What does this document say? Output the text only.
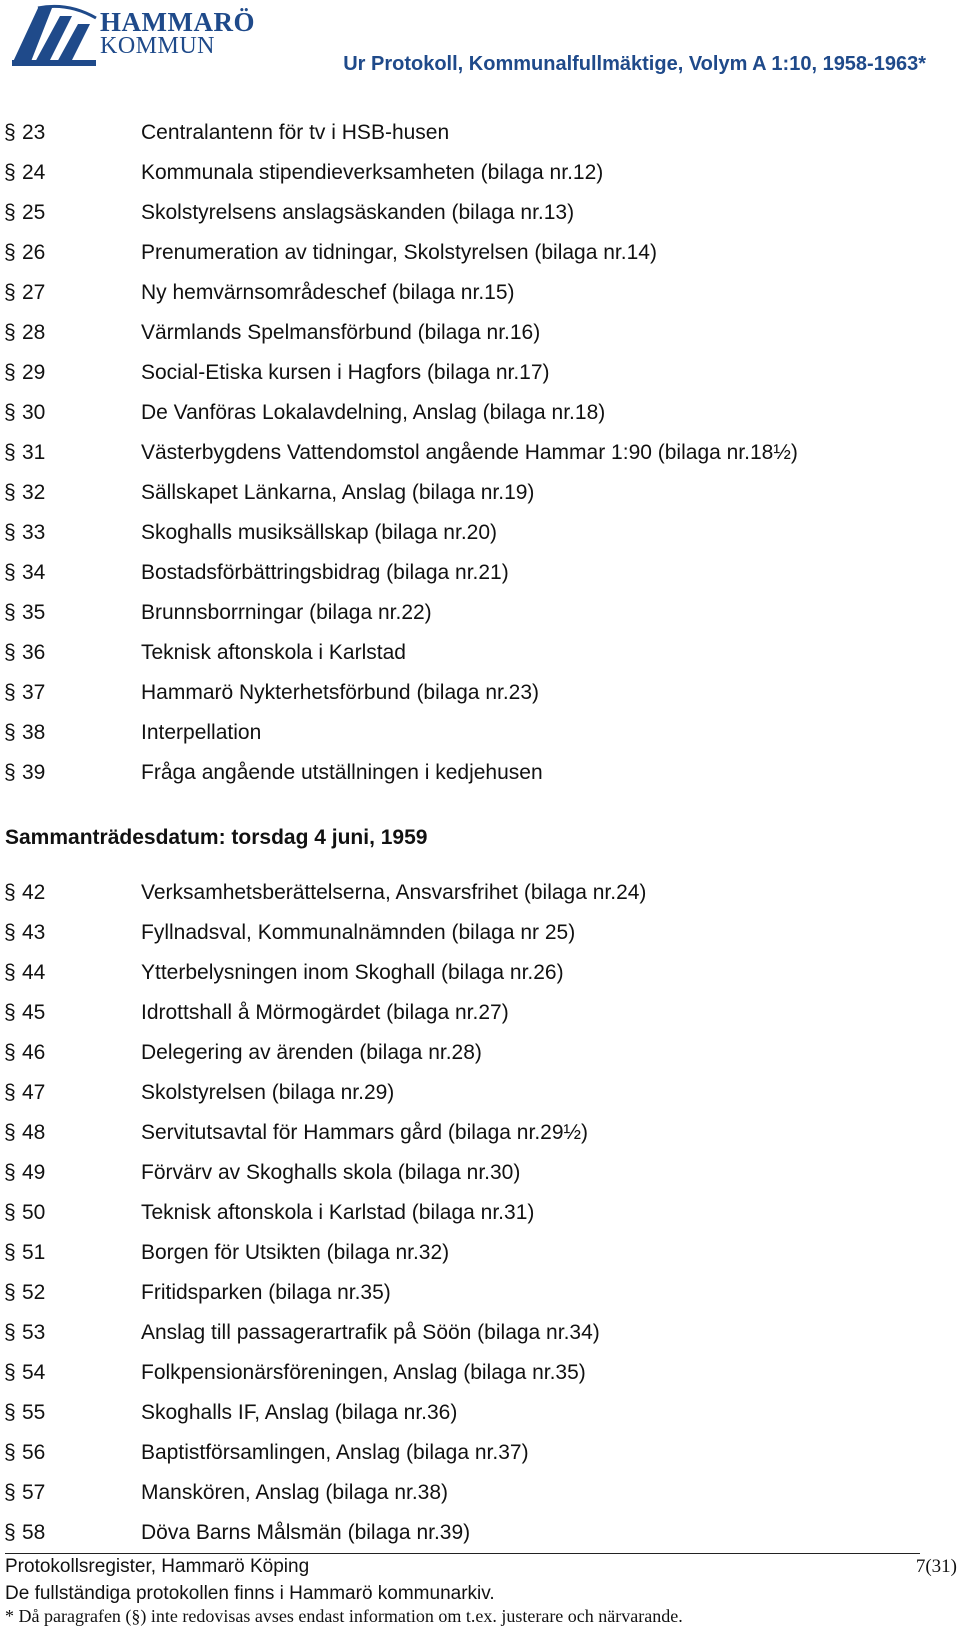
HAMMARÖ
KOMMUN
Ur Protokoll, Kommunalfullmäktige, Volym A 1:10, 1958-1963*
§ 23	Centralantenn för tv i HSB-husen
§ 24	Kommunala stipendieverksamheten (bilaga nr.12)
§ 25	Skolstyrelsens anslagsäskanden (bilaga nr.13)
§ 26	Prenumeration av tidningar, Skolstyrelsen (bilaga nr.14)
§ 27	Ny hemvärnsområdeschef (bilaga nr.15)
§ 28	Värmlands Spelmansförbund (bilaga nr.16)
§ 29	Social-Etiska kursen i Hagfors (bilaga nr.17)
§ 30	De Vanföras Lokalavdelning, Anslag (bilaga nr.18)
§ 31	Västerbygdens Vattendomstol angående Hammar 1:90 (bilaga nr.18½)
§ 32	Sällskapet Länkarna, Anslag (bilaga nr.19)
§ 33	Skoghalls musiksällskap (bilaga nr.20)
§ 34	Bostadsförbättringsbidrag (bilaga nr.21)
§ 35	Brunnsborrningar (bilaga nr.22)
§ 36	Teknisk aftonskola i Karlstad
§ 37	Hammarö Nykterhetsförbund (bilaga nr.23)
§ 38	Interpellation
§ 39	Fråga angående utställningen i kedjehusen
Sammanträdesdatum: torsdag 4 juni, 1959
§ 42	Verksamhetsberättelserna, Ansvarsfrihet (bilaga nr.24)
§ 43	Fyllnadsval, Kommunalnämnden (bilaga nr 25)
§ 44	Ytterbelysningen inom Skoghall (bilaga nr.26)
§ 45	Idrottshall å Mörmogärdet (bilaga nr.27)
§ 46	Delegering av ärenden (bilaga nr.28)
§ 47	Skolstyrelsen (bilaga nr.29)
§ 48	Servitutsavtal för Hammars gård (bilaga nr.29½)
§ 49	Förvärv av Skoghalls skola (bilaga nr.30)
§ 50	Teknisk aftonskola i Karlstad (bilaga nr.31)
§ 51	Borgen för Utsikten (bilaga nr.32)
§ 52	Fritidsparken (bilaga nr.35)
§ 53	Anslag till passagerartrafik på Söön (bilaga nr.34)
§ 54	Folkpensionärsföreningen, Anslag (bilaga nr.35)
§ 55	Skoghalls IF, Anslag (bilaga nr.36)
§ 56	Baptistförsamlingen, Anslag (bilaga nr.37)
§ 57	Manskören, Anslag (bilaga nr.38)
§ 58	Döva Barns Målsmän (bilaga nr.39)
Protokollsregister, Hammarö Köping	7(31)
De fullständiga protokollen finns i Hammarö kommunarkiv.
* Då paragrafen (§) inte redovisas avses endast information om t.ex. justerare och närvarande.
